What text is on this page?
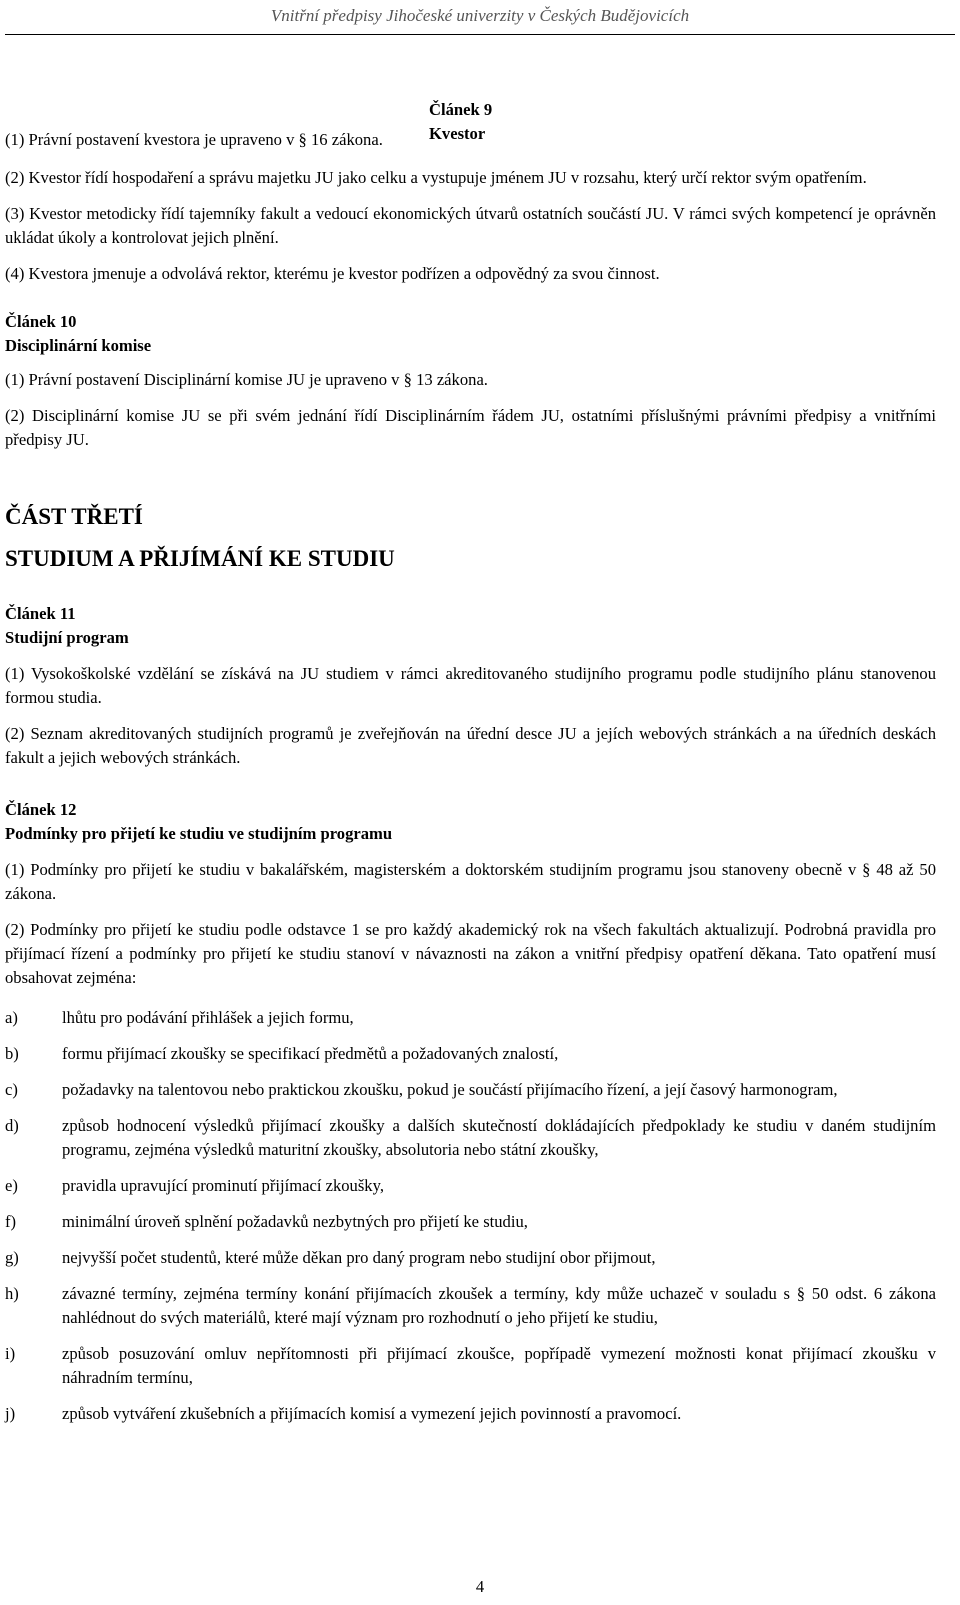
Vnitřní předpisy Jihočeské univerzity v Českých Budějovicích

Článek 9

Kvestor

(1) Právní postavení kvestora je upraveno v § 16 zákona.

(2) Kvestor řídí hospodaření a správu majetku JU jako celku a vystupuje jménem JU v rozsahu, který určí rektor svým opatřením.

(3) Kvestor metodicky řídí tajemníky fakult a vedoucí ekonomických útvarů ostatních součástí JU. V rámci svých kompetencí je oprávněn ukládat úkoly a kontrolovat jejich plnění.

(4) Kvestora jmenuje a odvolává rektor, kterému je kvestor podřízen a odpovědný za svou činnost.

Článek 10

Disciplinární komise

(1) Právní postavení Disciplinární komise JU je upraveno v § 13 zákona.

(2) Disciplinární komise JU se při svém jednání řídí Disciplinárním řádem JU, ostatními příslušnými právními předpisy a vnitřními předpisy JU.

ČÁST TŘETÍ

STUDIUM A PŘIJÍMÁNÍ KE STUDIU

Článek 11

Studijní program

(1) Vysokoškolské vzdělání se získává na JU studiem v rámci akreditovaného studijního programu podle studijního plánu stanovenou formou studia.

(2) Seznam akreditovaných studijních programů je zveřejňován na úřední desce JU a jejích webových stránkách a na úředních deskách fakult a jejich webových stránkách.

Článek 12

Podmínky pro přijetí ke studiu ve studijním programu

(1) Podmínky pro přijetí ke studiu v bakalářském, magisterském a doktorském studijním programu jsou stanoveny obecně v § 48 až 50 zákona.

(2) Podmínky pro přijetí ke studiu podle odstavce 1 se pro každý akademický rok na všech fakultách aktualizují. Podrobná pravidla pro přijímací řízení a podmínky pro přijetí ke studiu stanoví v návaznosti na zákon a vnitřní předpisy opatření děkana. Tato opatření musí obsahovat zejména:

a)	lhůtu pro podávání přihlášek a jejich formu,
b)	formu přijímací zkoušky se specifikací předmětů a požadovaných znalostí,
c)	požadavky na talentovou nebo praktickou zkoušku, pokud je součástí přijímacího řízení, a její časový harmonogram,
d)	způsob hodnocení výsledků přijímací zkoušky a dalších skutečností dokládajících předpoklady ke studiu v daném studijním programu, zejména výsledků maturitní zkoušky, absolutoria nebo státní zkoušky,
e)	pravidla upravující prominutí přijímací zkoušky,
f)	minimální úroveň splnění požadavků nezbytných pro přijetí ke studiu,
g)	nejvyšší počet studentů, které může děkan pro daný program nebo studijní obor přijmout,
h)	závazné termíny, zejména termíny konání přijímacích zkoušek a termíny, kdy může uchazeč v souladu s § 50 odst. 6 zákona nahlédnout do svých materiálů, které mají význam pro rozhodnutí o jeho přijetí ke studiu,
i)	způsob posuzování omluv nepřítomnosti při přijímací zkoušce, popřípadě vymezení možnosti konat přijímací zkoušku v náhradním termínu,
j)	způsob vytváření zkušebních a přijímacích komisí a vymezení jejich povinností a pravomocí.
4
